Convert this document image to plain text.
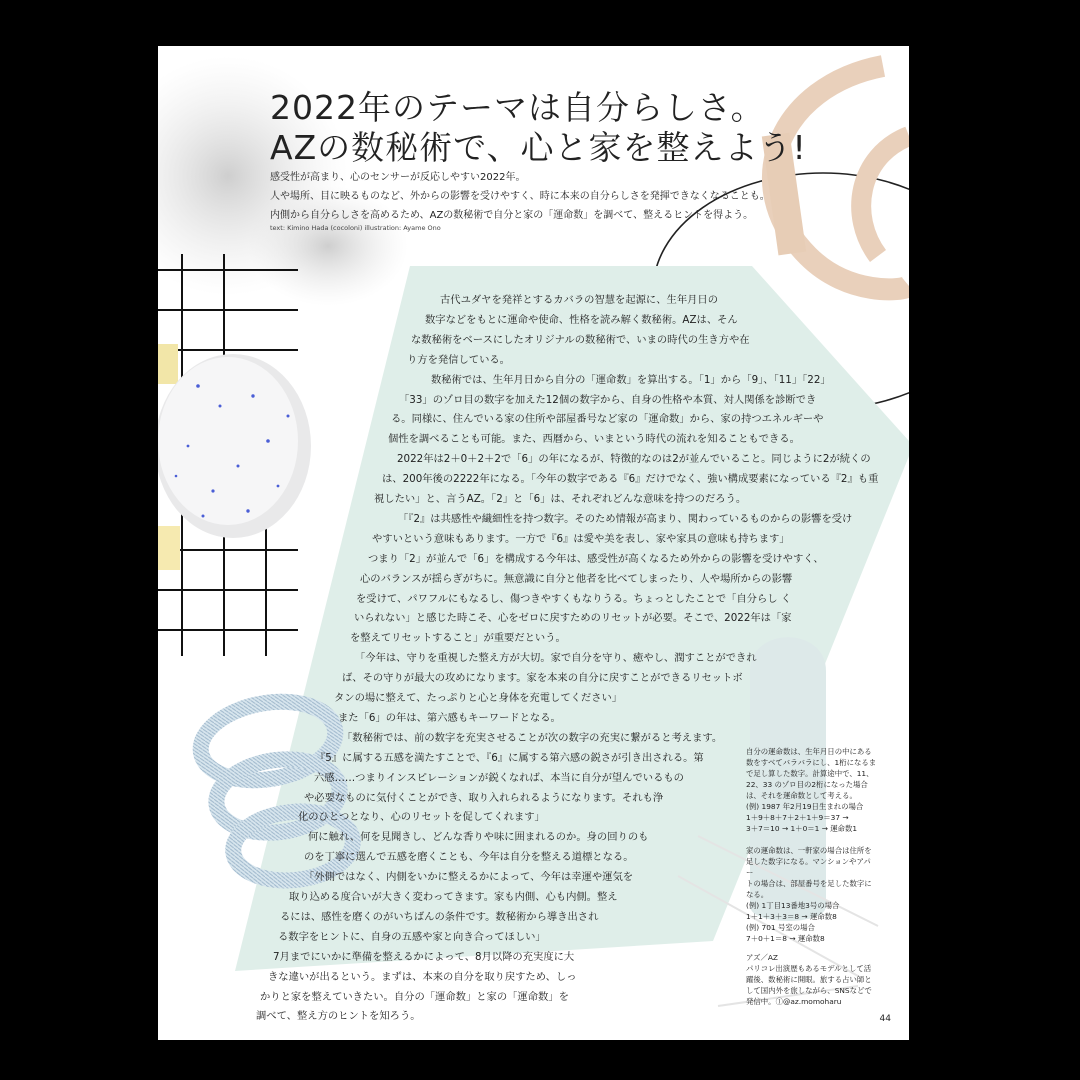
2022年のテーマは自分らしさ。
AZの数秘術で、心と家を整えよう!
感受性が高まり、心のセンサーが反応しやすい2022年。
人や場所、目に映るものなど、外からの影響を受けやすく、時に本来の自分らしさを発揮できなくなることも。
内側から自分らしさを高めるため、AZの数秘術で自分と家の「運命数」を調べて、整えるヒントを得よう。
text: Kimino Hada (cocoloni) illustration: Ayame Ono
古代ユダヤを発祥とするカバラの智慧を起源に、生年月日の
数字などをもとに運命や使命、性格を読み解く数秘術。AZは、そん
な数秘術をベースにしたオリジナルの数秘術で、いまの時代の生き方や在
り方を発信している。
数秘術では、生年月日から自分の「運命数」を算出する。「1」から「9」、「11」「22」
「33」のゾロ目の数字を加えた12個の数字から、自身の性格や本質、対人関係を診断でき
る。同様に、住んでいる家の住所や部屋番号など家の「運命数」から、家の持つエネルギーや
個性を調べることも可能。また、西暦から、いまという時代の流れを知ることもできる。
2022年は2＋0＋2＋2で「6」の年になるが、特徴的なのは2が並んでいること。同じように2が続くの
は、200年後の2222年になる。「今年の数字である『6』だけでなく、強い構成要素になっている『2』も重
視したい」と、言うAZ。「2」と「6」は、それぞれどんな意味を持つのだろう。
「『2』は共感性や繊細性を持つ数字。そのため情報が高まり、関わっているものからの影響を受け
やすいという意味もあります。一方で『6』は愛や美を表し、家や家具の意味も持ちます」
つまり「2」が並んで「6」を構成する今年は、感受性が高くなるため外からの影響を受けやすく、
心のバランスが揺らぎがちに。無意識に自分と他者を比べてしまったり、人や場所からの影響
を受けて、パワフルにもなるし、傷つきやすくもなりうる。ちょっとしたことで「自分らし く
いられない」と感じた時こそ、心をゼロに戻すためのリセットが必要。そこで、2022年は「家
を整えてリセットすること」が重要だという。
「今年は、守りを重視した整え方が大切。家で自分を守り、癒やし、潤すことができれ
ば、その守りが最大の攻めになります。家を本来の自分に戻すことができるリセットボ
タンの場に整えて、たっぷりと心と身体を充電してください」
また「6」の年は、第六感もキーワードとなる。
「数秘術では、前の数字を充実させることが次の数字の充実に繋がると考えます。
『5』に属する五感を満たすことで、『6』に属する第六感の鋭さが引き出される。第
六感……つまりインスピレーションが鋭くなれば、本当に自分が望んでいるもの
や必要なものに気付くことができ、取り入れられるようになります。それも浄
化のひとつとなり、心のリセットを促してくれます」
何に触れ、何を見聞きし、どんな香りや味に囲まれるのか。身の回りのも
のを丁寧に選んで五感を磨くことも、今年は自分を整える道標となる。
「外側ではなく、内側をいかに整えるかによって、今年は幸運や運気を
取り込める度合いが大きく変わってきます。家も内側、心も内側。整え
るには、感性を磨くのがいちばんの条件です。数秘術から導き出され
る数字をヒントに、自身の五感や家と向き合ってほしい」
7月までにいかに準備を整えるかによって、8月以降の充実度に大
きな違いが出るという。まずは、本来の自分を取り戻すため、しっ
かりと家を整えていきたい。自分の「運命数」と家の「運命数」を
調べて、整え方のヒントを知ろう。

自分の運命数は、生年月日の中にある

数をすべてバラバラにし、1桁になるま

で足し算した数字。計算途中で、11、

22、33 のゾロ目の2桁になった場合

は、それを運命数として考える。

(例) 1987 年2月19日生まれの場合

1＋9＋8＋7＋2＋1＋9＝37 →

3＋7＝10 → 1＋0＝1 → 運命数1

家の運命数は、一軒家の場合は住所を

足した数字になる。マンションやアパー

トの場合は、部屋番号を足した数字に

なる。

(例) 1丁目13番地3号の場合

1＋1＋3＋3＝8 → 運命数8

(例) 701 号室の場合

7＋0＋1＝8 → 運命数8

アズ／AZ

パリコレ出演歴もあるモデルとして活

躍後、数秘術に開眼。旅する占い師と

して国内外を旅しながら、SNSなどで

発信中。Ⓘ@az.momoharu

44
